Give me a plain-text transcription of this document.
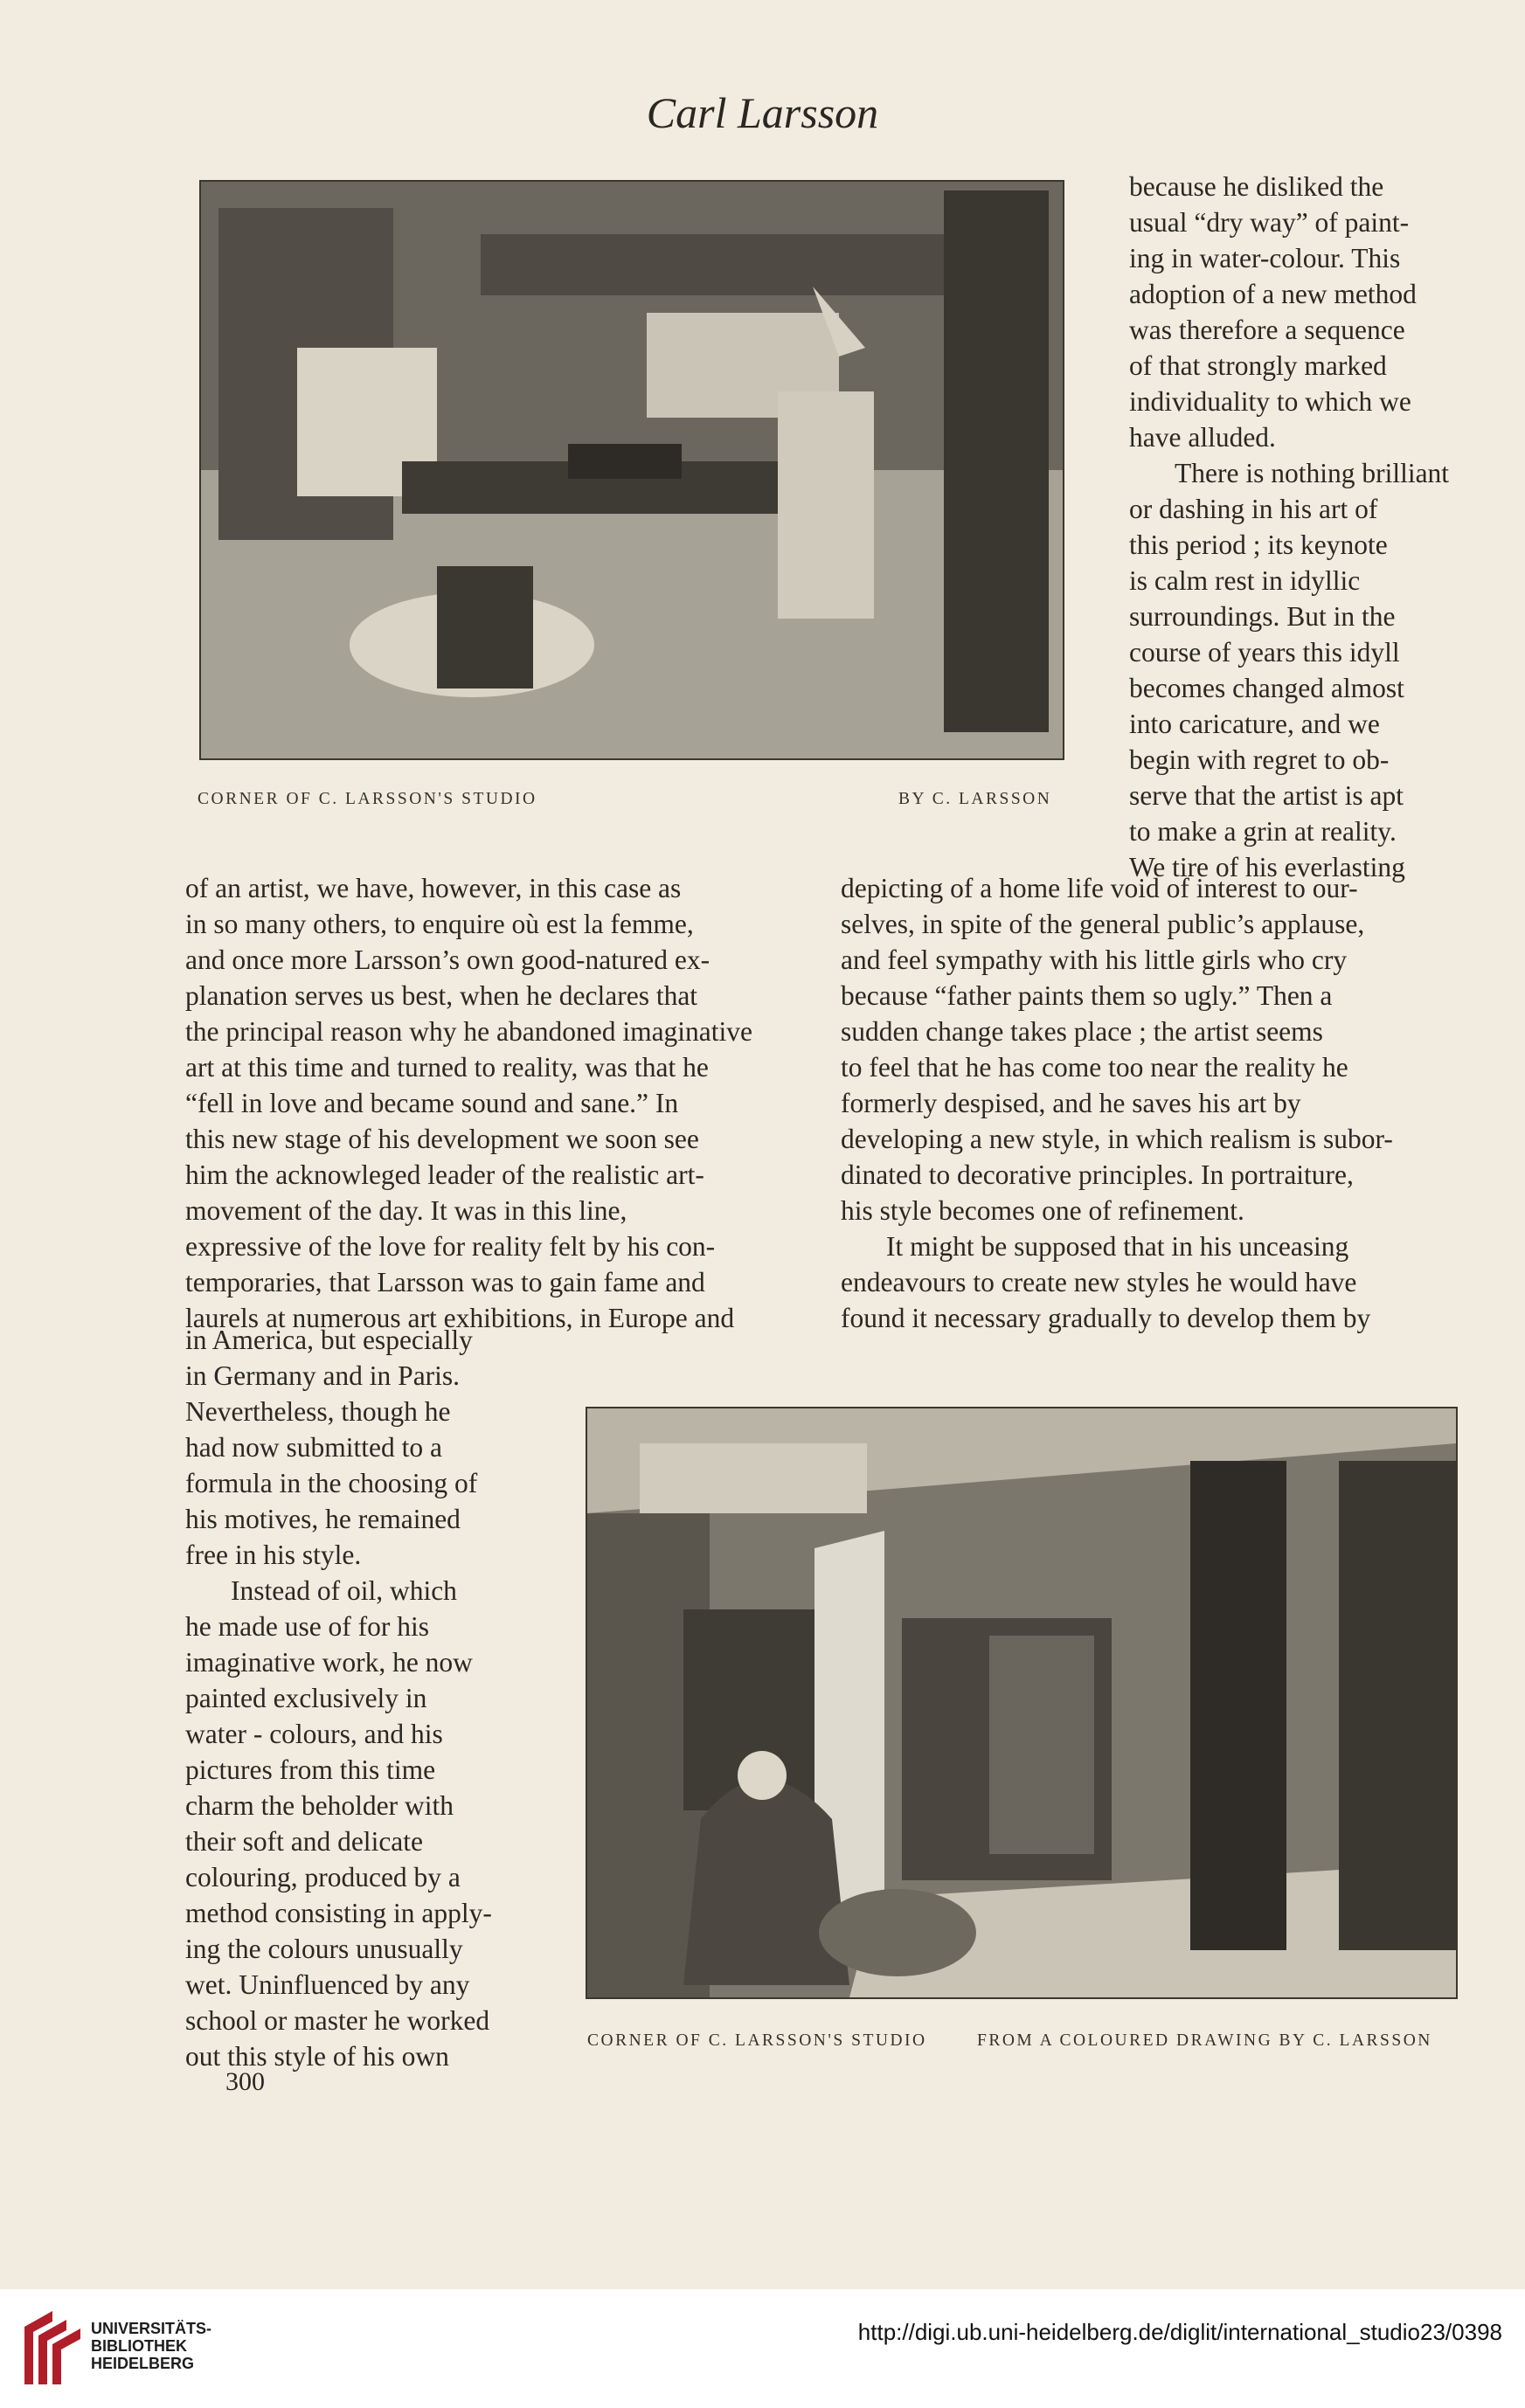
Carl Larsson
CORNER OF C. LARSSON'S STUDIO	BY C. LARSSON

because he disliked the

usual “dry way” of paint-

ing in water-colour. This

adoption of a new method

was therefore a sequence

of that strongly marked

individuality to which we

have alluded.

There is nothing brilliant

or dashing in his art of

this period ; its keynote

is calm rest in idyllic

surroundings. But in the

course of years this idyll

becomes changed almost

into caricature, and we

begin with regret to ob-

serve that the artist is apt

to make a grin at reality.

We tire of his everlasting

of an artist, we have, however, in this case as

in so many others, to enquire où est la femme,

and once more Larsson’s own good-natured ex-

planation serves us best, when he declares that

the principal reason why he abandoned imaginative

art at this time and turned to reality, was that he

“fell in love and became sound and sane.” In

this new stage of his development we soon see

him the acknowleged leader of the realistic art-

movement of the day. It was in this line,

expressive of the love for reality felt by his con-

temporaries, that Larsson was to gain fame and

laurels at numerous art exhibitions, in Europe and

depicting of a home life void of interest to our-

selves, in spite of the general public’s applause,

and feel sympathy with his little girls who cry

because “father paints them so ugly.” Then a

sudden change takes place ; the artist seems

to feel that he has come too near the reality he

formerly despised, and he saves his art by

developing a new style, in which realism is subor-

dinated to decorative principles. In portraiture,

his style becomes one of refinement.

It might be supposed that in his unceasing

endeavours to create new styles he would have

found it necessary gradually to develop them by

in America, but especially

in Germany and in Paris.

Nevertheless, though he

had now submitted to a

formula in the choosing of

his motives, he remained

free in his style.

Instead of oil, which

he made use of for his

imaginative work, he now

painted exclusively in

water - colours, and his

pictures from this time

charm the beholder with

their soft and delicate

colouring, produced by a

method consisting in apply-

ing the colours unusually

wet. Uninfluenced by any

school or master he worked

out this style of his own

CORNER OF C. LARSSON'S STUDIO	FROM A COLOURED DRAWING BY C. LARSSON
300
UNIVERSITÄTS-
BIBLIOTHEK
HEIDELBERG
http://digi.ub.uni-heidelberg.de/diglit/international_studio23/0398
